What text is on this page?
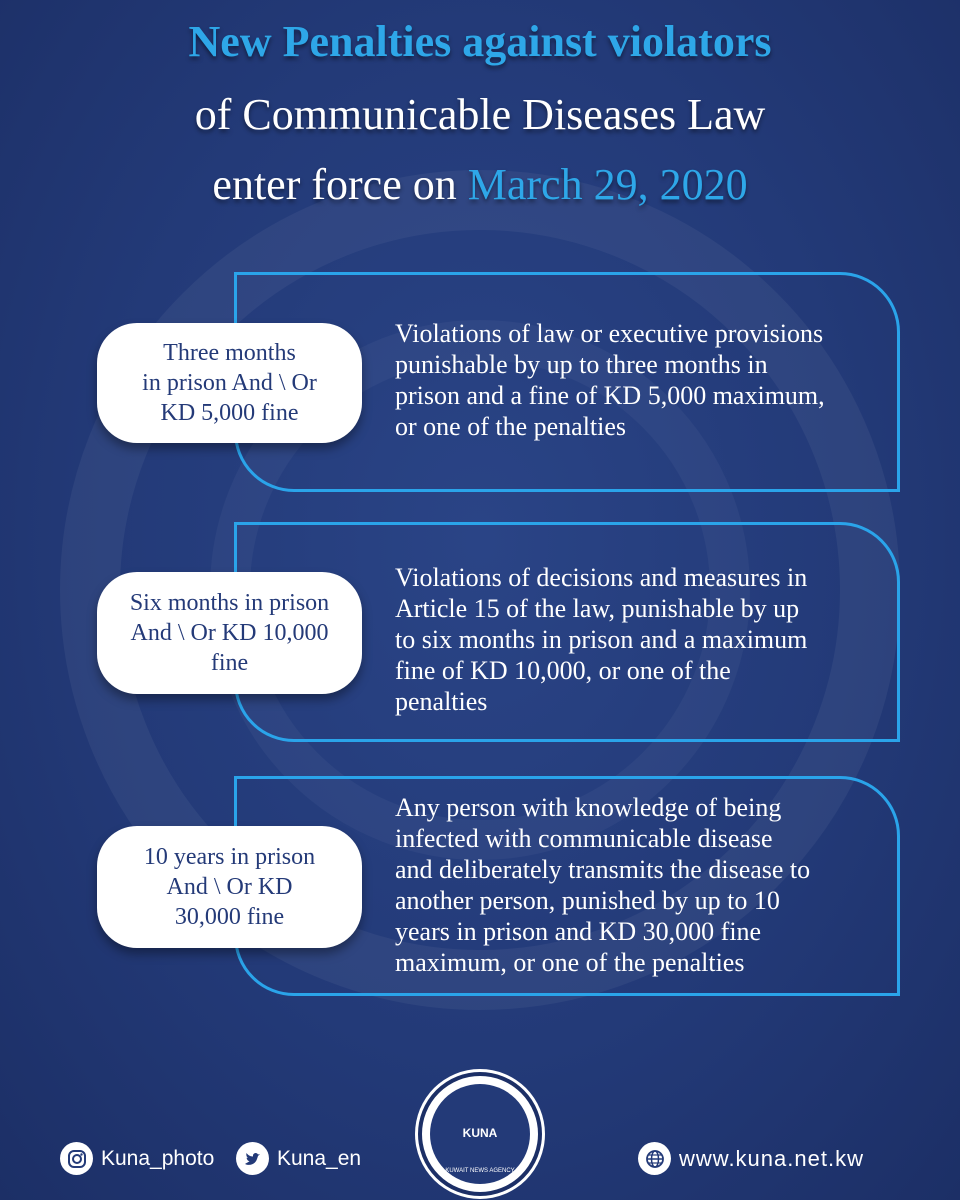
New Penalties against violators
of Communicable Diseases Law
enter force on March 29, 2020
Three months
in prison And \ Or
KD 5,000 fine
Violations of law or executive provisions
punishable by up to three months in
prison and a fine of KD 5,000 maximum,
or one of the penalties
Six months in prison
And \ Or KD 10,000
fine
Violations of decisions and measures in
Article 15 of the law, punishable by up
to six months in prison and a maximum
fine of KD 10,000, or one of the
penalties
10 years in prison
And \ Or KD
30,000 fine
Any person with knowledge of being
infected with communicable disease
and deliberately transmits the disease to
another person, punished by up to 10
years in prison and KD 30,000 fine
maximum, or one of the penalties
Kuna_photo	Kuna_en
KUNA
KUWAIT NEWS AGENCY
www.kuna.net.kw
